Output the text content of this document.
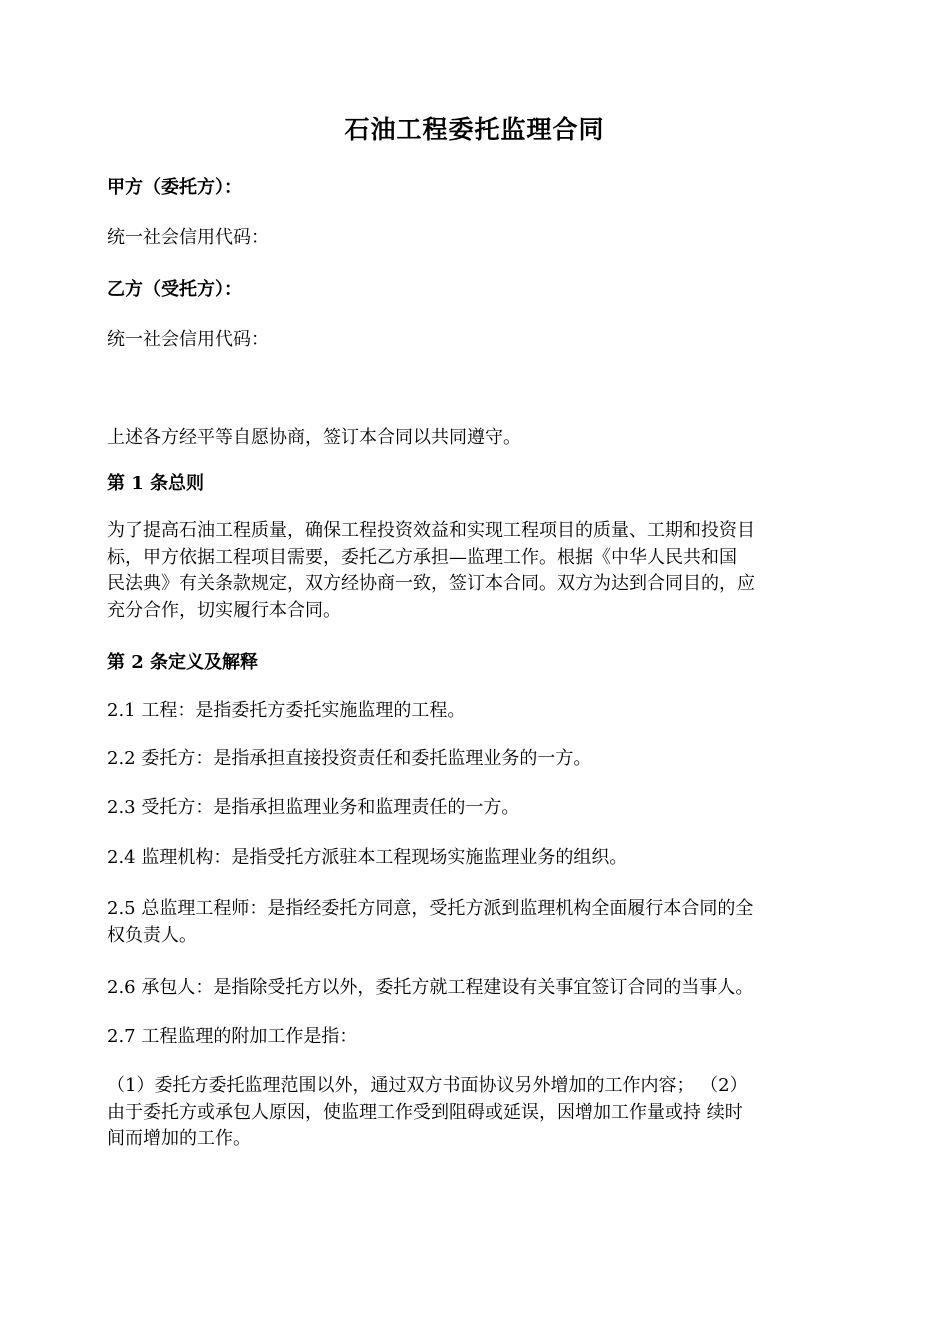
石油工程委托监理合同
甲方（委托方）：
统一社会信用代码：
乙方（受托方）：
统一社会信用代码：
上述各方经平等自愿协商，签订本合同以共同遵守。
第 1 条总则
为了提高石油工程质量，确保工程投资效益和实现工程项目的质量、工期和投资目
标，甲方依据工程项目需要，委托乙方承担—监理工作。根据《中华人民共和国
民法典》有关条款规定，双方经协商一致，签订本合同。双方为达到合同目的，应
充分合作，切实履行本合同。
第 2 条定义及解释
2.1 工程：是指委托方委托实施监理的工程。
2.2 委托方：是指承担直接投资责任和委托监理业务的一方。
2.3 受托方：是指承担监理业务和监理责任的一方。
2.4 监理机构：是指受托方派驻本工程现场实施监理业务的组织。
2.5 总监理工程师：是指经委托方同意，受托方派到监理机构全面履行本合同的全
权负责人。
2.6 承包人：是指除受托方以外，委托方就工程建设有关事宜签订合同的当事人。
2.7 工程监理的附加工作是指：
（1）委托方委托监理范围以外，通过双方书面协议另外增加的工作内容； （2）
由于委托方或承包人原因，使监理工作受到阻碍或延误，因增加工作量或持 续时
间而增加的工作。
